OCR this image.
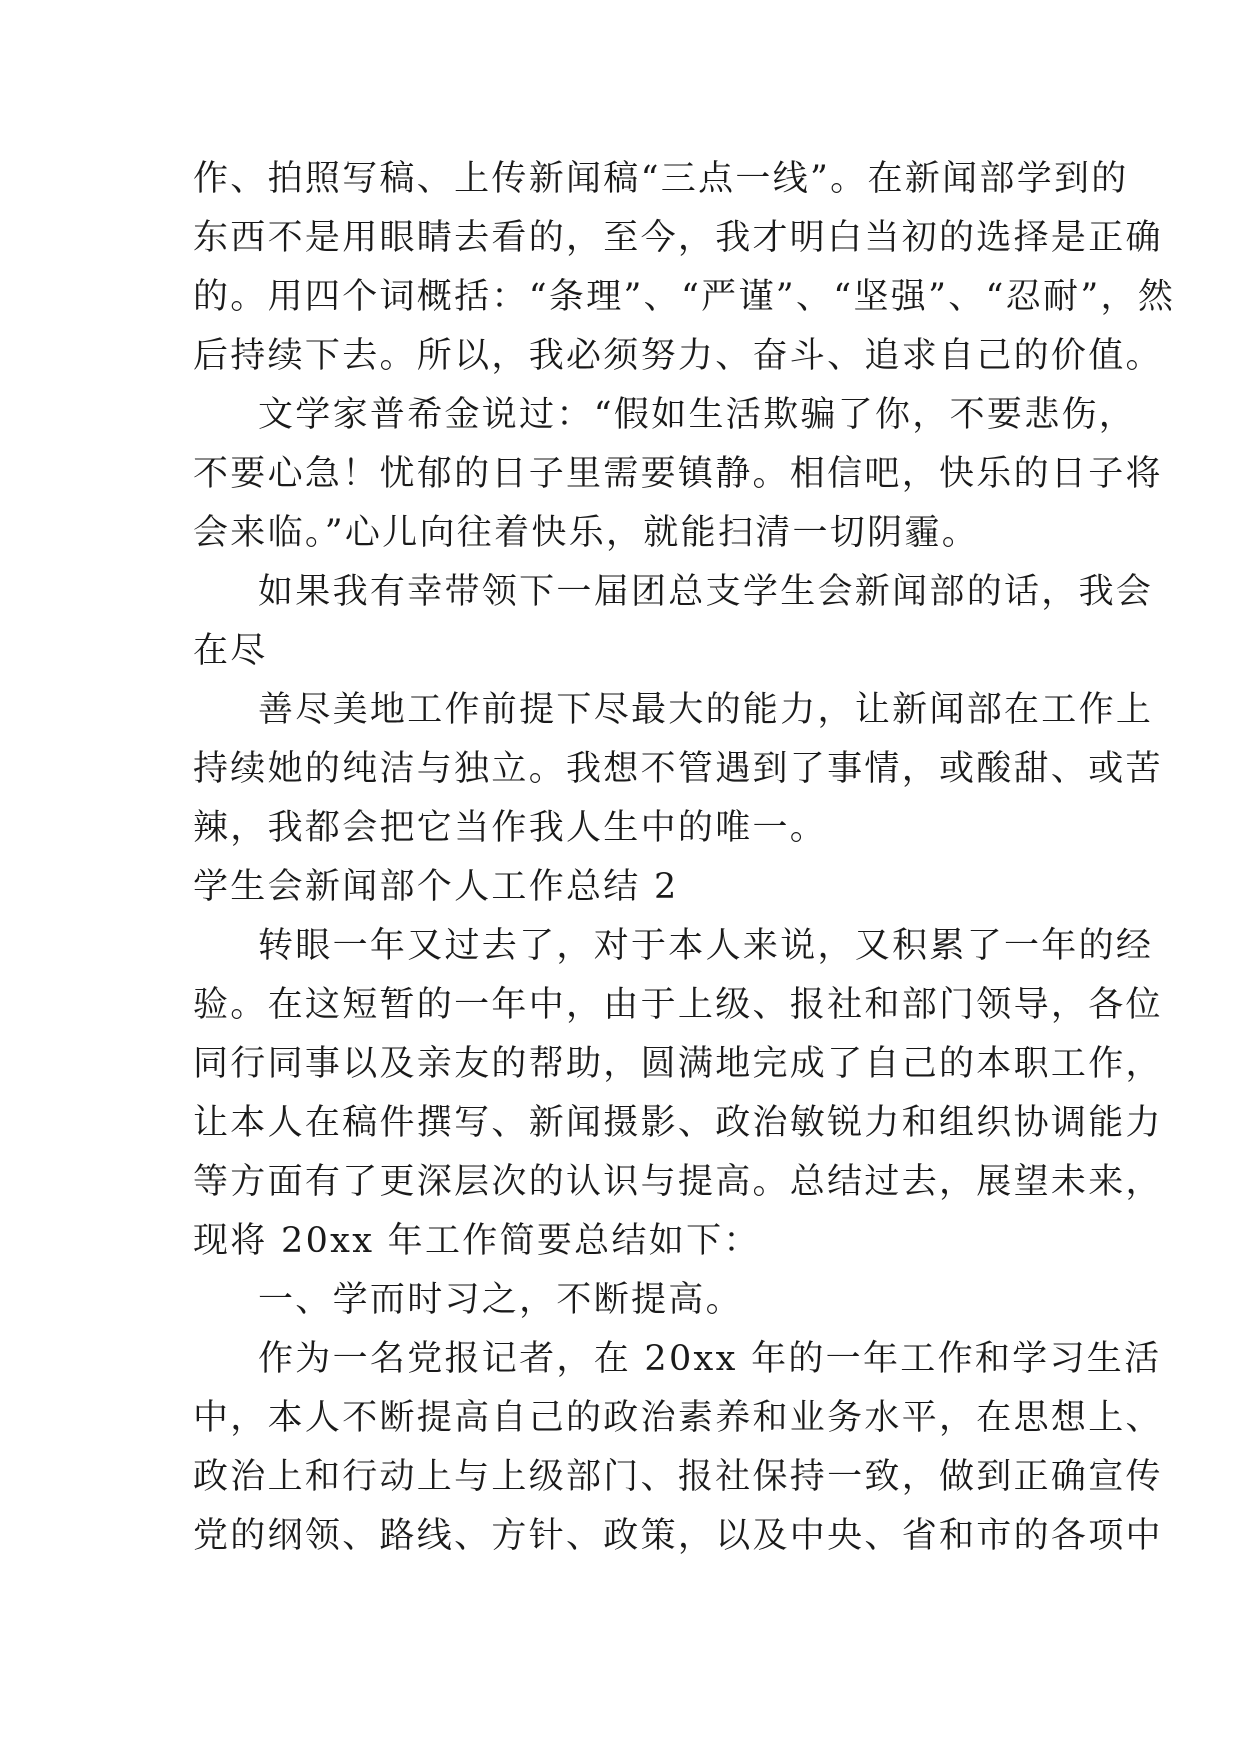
作、拍照写稿、上传新闻稿“三点一线”。在新闻部学到的
东西不是用眼睛去看的，至今，我才明白当初的选择是正确
的。用四个词概括：“条理”、“严谨”、“坚强”、“忍耐”，然
后持续下去。所以，我必须努力、奋斗、追求自己的价值。
文学家普希金说过：“假如生活欺骗了你，不要悲伤，
不要心急！忧郁的日子里需要镇静。相信吧，快乐的日子将
会来临。”心儿向往着快乐，就能扫清一切阴霾。
如果我有幸带领下一届团总支学生会新闻部的话，我会
在尽
善尽美地工作前提下尽最大的能力，让新闻部在工作上
持续她的纯洁与独立。我想不管遇到了事情，或酸甜、或苦
辣，我都会把它当作我人生中的唯一。
学生会新闻部个人工作总结 2
转眼一年又过去了，对于本人来说，又积累了一年的经
验。在这短暂的一年中，由于上级、报社和部门领导，各位
同行同事以及亲友的帮助，圆满地完成了自己的本职工作，
让本人在稿件撰写、新闻摄影、政治敏锐力和组织协调能力
等方面有了更深层次的认识与提高。总结过去，展望未来，
现将 20xx 年工作简要总结如下：
一、学而时习之，不断提高。
作为一名党报记者，在 20xx 年的一年工作和学习生活
中，本人不断提高自己的政治素养和业务水平，在思想上、
政治上和行动上与上级部门、报社保持一致，做到正确宣传
党的纲领、路线、方针、政策，以及中央、省和市的各项中
